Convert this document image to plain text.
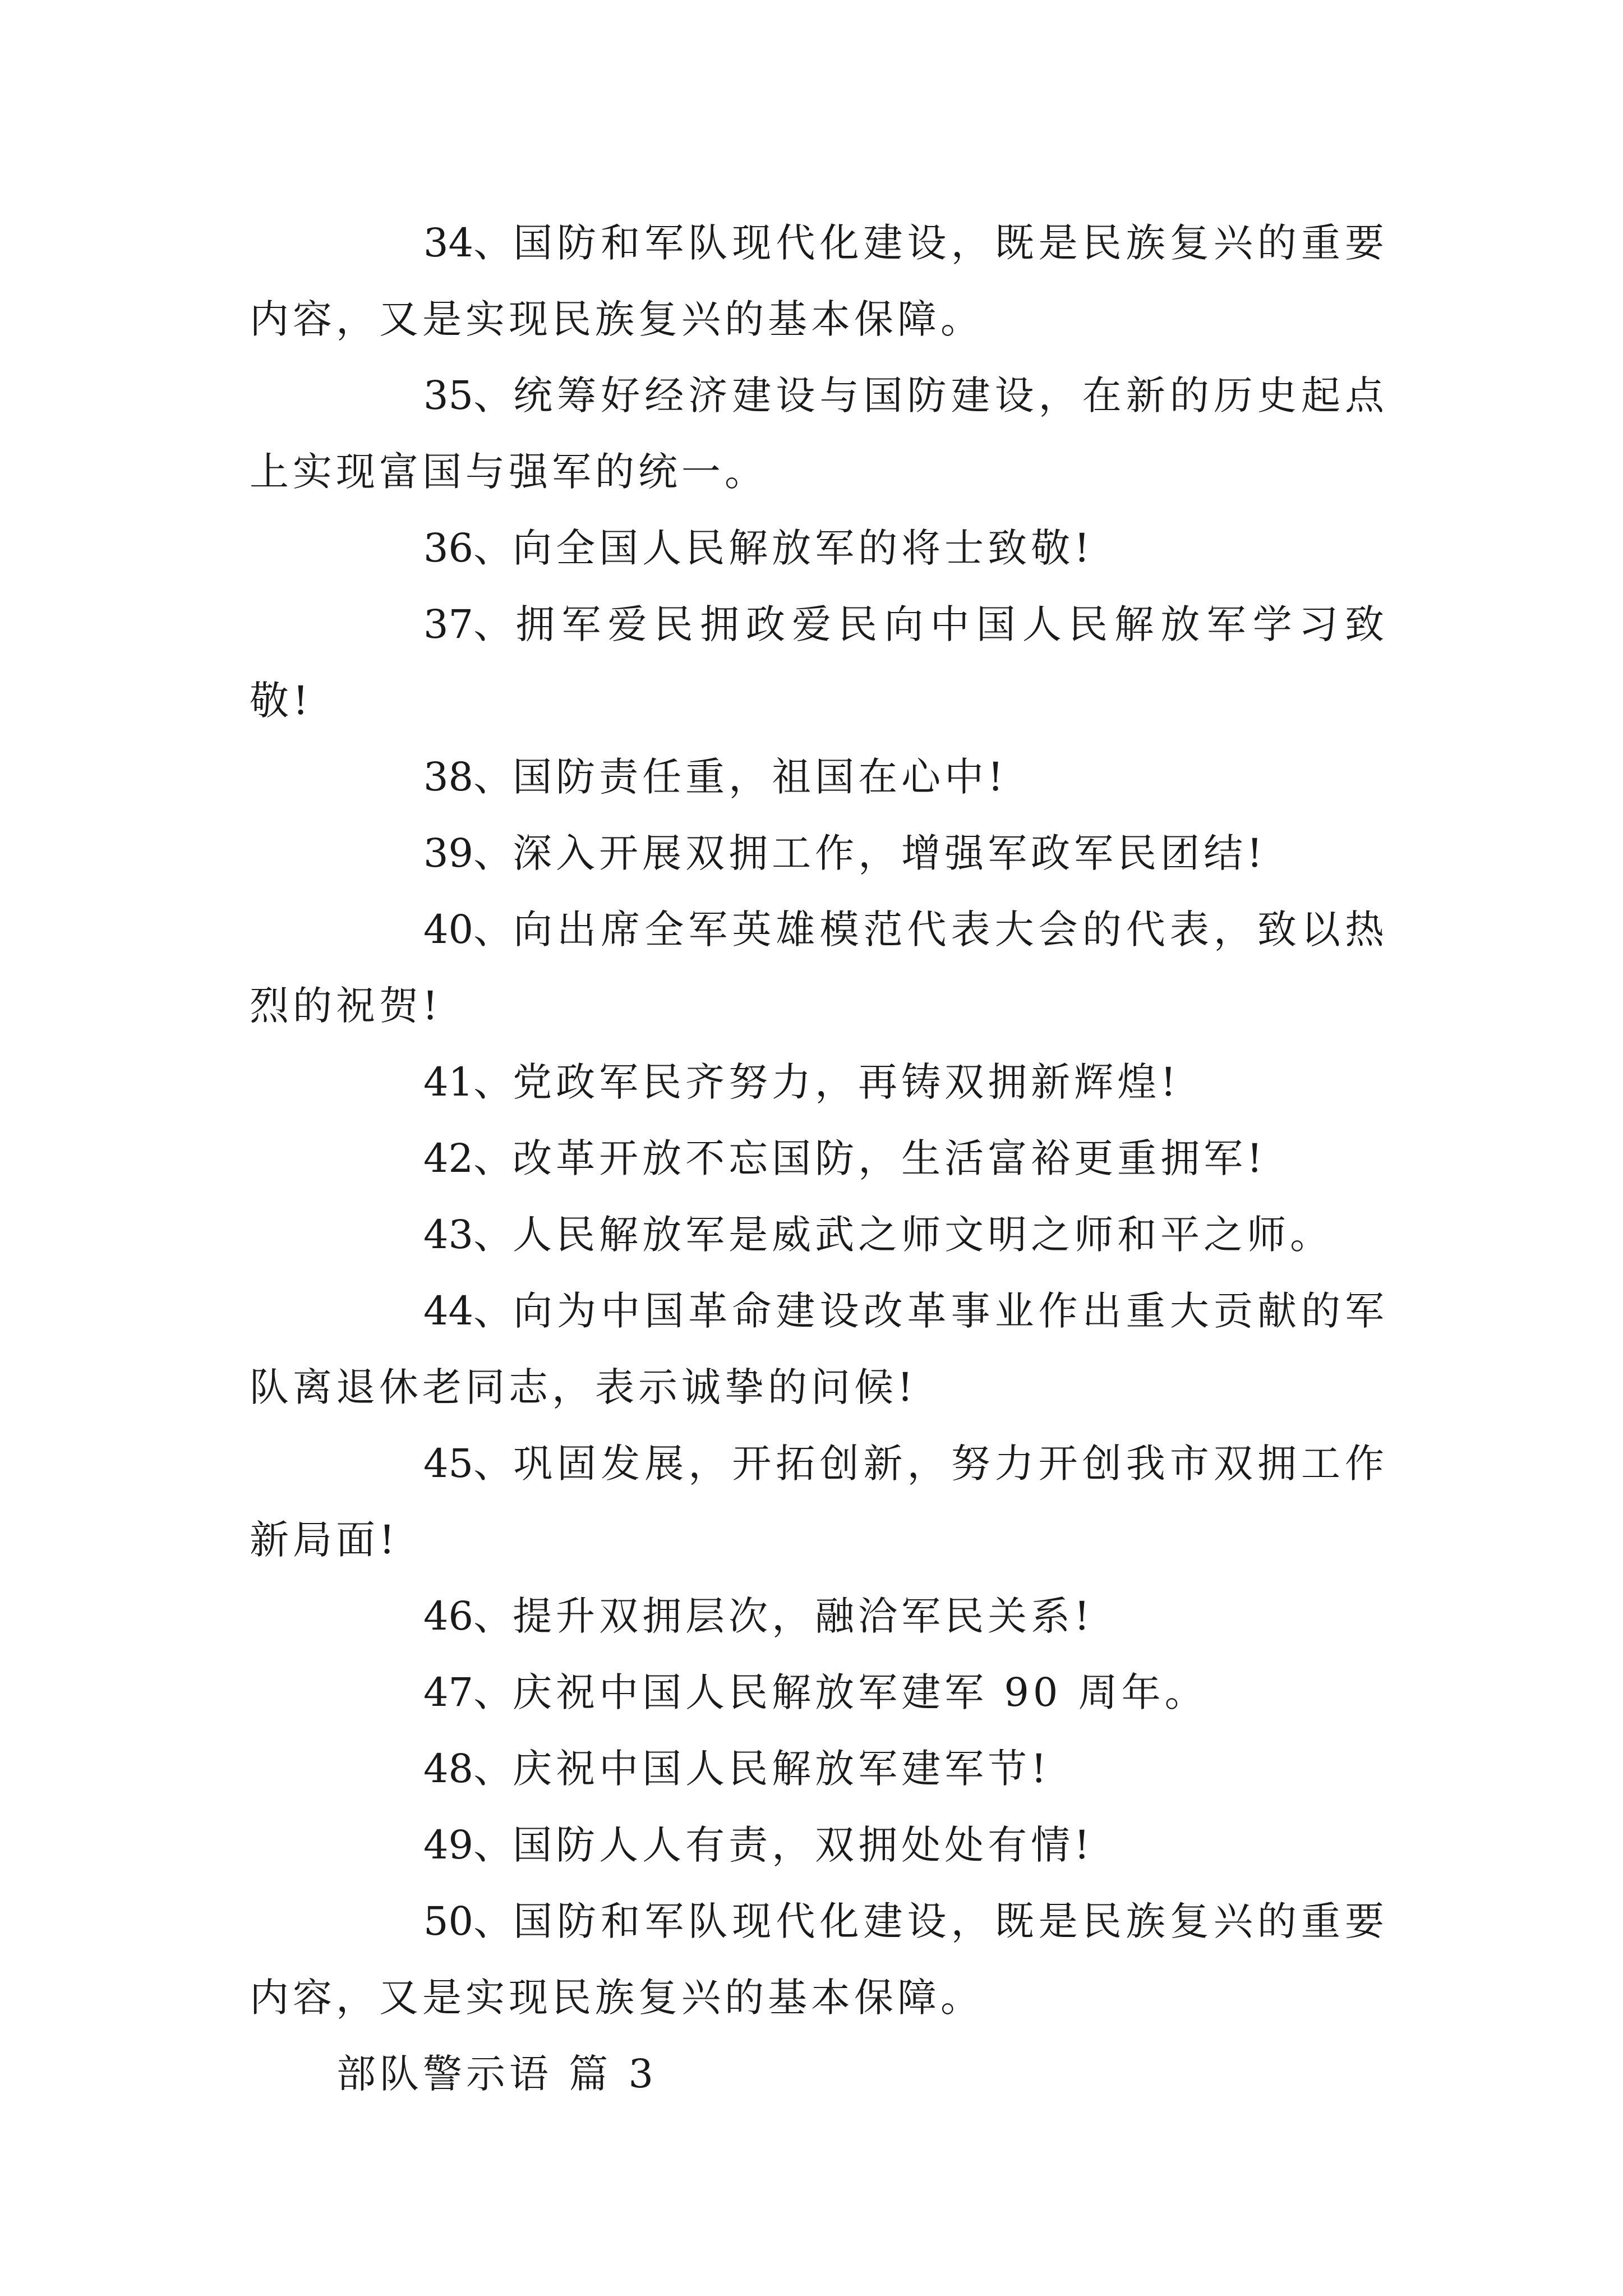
34、国防和军队现代化建设，既是民族复兴的重要内容，又是实现民族复兴的基本保障。

35、统筹好经济建设与国防建设，在新的历史起点上实现富国与强军的统一。

36、向全国人民解放军的将士致敬!

37、拥军爱民拥政爱民向中国人民解放军学习致敬!

38、国防责任重，祖国在心中!

39、深入开展双拥工作，增强军政军民团结!

40、向出席全军英雄模范代表大会的代表，致以热烈的祝贺!

41、党政军民齐努力，再铸双拥新辉煌!

42、改革开放不忘国防，生活富裕更重拥军!

43、人民解放军是威武之师文明之师和平之师。

44、向为中国革命建设改革事业作出重大贡献的军队离退休老同志，表示诚挚的问候!

45、巩固发展，开拓创新，努力开创我市双拥工作新局面!

46、提升双拥层次，融洽军民关系!

47、庆祝中国人民解放军建军 90 周年。

48、庆祝中国人民解放军建军节!

49、国防人人有责，双拥处处有情!

50、国防和军队现代化建设，既是民族复兴的重要内容，又是实现民族复兴的基本保障。

部队警示语 篇 3
